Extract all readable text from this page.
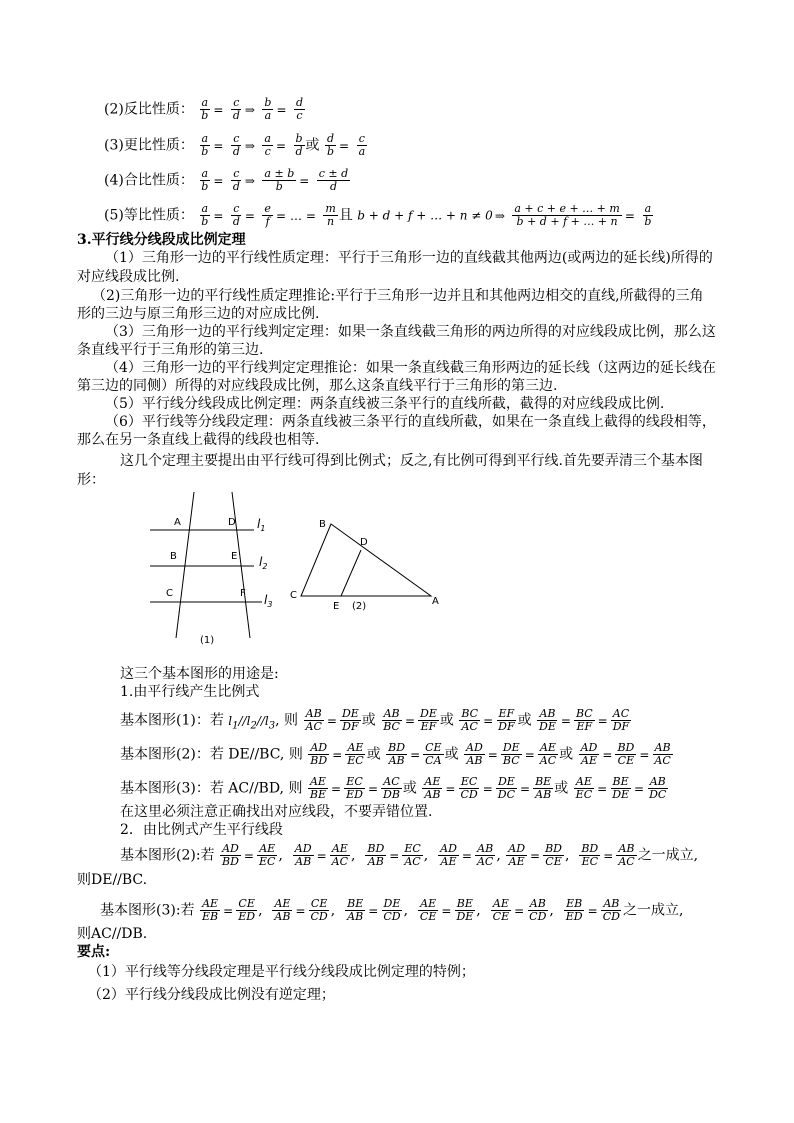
(2)反比性质： $\frac{a}{b} = \frac{c}{d}$ ⇒ $\frac{b}{a} = \frac{d}{c}$
(3)更比性质： $\frac{a}{b} = \frac{c}{d}$ ⇒ $\frac{a}{c} = \frac{b}{d}$ 或 $\frac{d}{b} = \frac{c}{a}$
(4)合比性质： $\frac{a}{b} = \frac{c}{d}$ ⇒ $\frac{a \pm b}{b} = \frac{c \pm d}{d}$
(5)等比性质： $\frac{a}{b} = \frac{c}{d} = \frac{e}{f}$ = … = $\frac{m}{n}$ 且 b + d + f + … + n ≠ 0 ⇒ $\frac{a + c + e + \dots + m}{b + d + f + \dots + n} = \frac{a}{b}$
3.平行线分线段成比例定理
（1）三角形一边的平行线性质定理：平行于三角形一边的直线截其他两边(或两边的延长线)所得的
对应线段成比例.
（2)三角形一边的平行线性质定理推论:平行于三角形一边并且和其他两边相交的直线,所截得的三角
形的三边与原三角形三边的对应成比例.
（3）三角形一边的平行线判定定理：如果一条直线截三角形的两边所得的对应线段成比例，那么这
条直线平行于三角形的第三边.
（4）三角形一边的平行线判定定理推论：如果一条直线截三角形两边的延长线（这两边的延长线在
第三边的同侧）所得的对应线段成比例，那么这条直线平行于三角形的第三边.
（5）平行线分线段成比例定理：两条直线被三条平行的直线所截，截得的对应线段成比例.
（6）平行线等分线段定理：两条直线被三条平行的直线所截，如果在一条直线上截得的线段相等，
那么在另一条直线上截得的线段也相等.
这几个定理主要提出由平行线可得到比例式；反之,有比例可得到平行线.首先要弄清三个基本图
形：
A	D
B	E
C	F
$l_1$
$l_2$
$l_3$
(1)
B
D
C
E	A
(2)
这三个基本图形的用途是:
1.由平行线产生比例式
基本图形(1)：若 $l_1//l_2//l_3$, 则 $\frac{AB}{AC} = \frac{DE}{DF}$ 或 $\frac{AB}{BC} = \frac{DE}{EF}$ 或 $\frac{BC}{AC} = \frac{EF}{DF}$ 或 $\frac{AB}{DE} = \frac{BC}{EF} = \frac{AC}{DF}$
基本图形(2)：若 DE//BC, 则 $\frac{AD}{BD} = \frac{AE}{EC}$ 或 $\frac{BD}{AB} = \frac{CE}{CA}$ 或 $\frac{AD}{AB} = \frac{DE}{BC} = \frac{AE}{AC}$ 或 $\frac{AD}{AE} = \frac{BD}{CE} = \frac{AB}{AC}$
基本图形(3)：若 AC//BD, 则 $\frac{AE}{BE} = \frac{EC}{ED} = \frac{AC}{DB}$ 或 $\frac{AE}{AB} = \frac{EC}{CD} = \frac{DE}{DC} = \frac{BE}{AB}$ 或 $\frac{AE}{EC} = \frac{BE}{DE} = \frac{AB}{DC}$
在这里必须注意正确找出对应线段，不要弄错位置.
2．由比例式产生平行线段
基本图形(2):若 $\frac{AD}{BD} = \frac{AE}{EC}$ , $\frac{AD}{AB} = \frac{AE}{AC}$ , $\frac{BD}{AB} = \frac{EC}{AC}$ , $\frac{AD}{AE} = \frac{AB}{AC}$ , $\frac{AD}{AE} = \frac{BD}{CE}$ , $\frac{BD}{EC} = \frac{AB}{AC}$ 之一成立,
则DE//BC.
基本图形(3):若 $\frac{AE}{EB} = \frac{CE}{ED}$ , $\frac{AE}{AB} = \frac{CE}{CD}$ , $\frac{BE}{AB} = \frac{DE}{CD}$ , $\frac{AE}{CE} = \frac{BE}{DE}$ , $\frac{AE}{CE} = \frac{AB}{CD}$ , $\frac{EB}{ED} = \frac{AB}{CD}$ 之一成立,
则AC//DB.
要点:
（1）平行线等分线段定理是平行线分线段成比例定理的特例；
（2）平行线分线段成比例没有逆定理；
